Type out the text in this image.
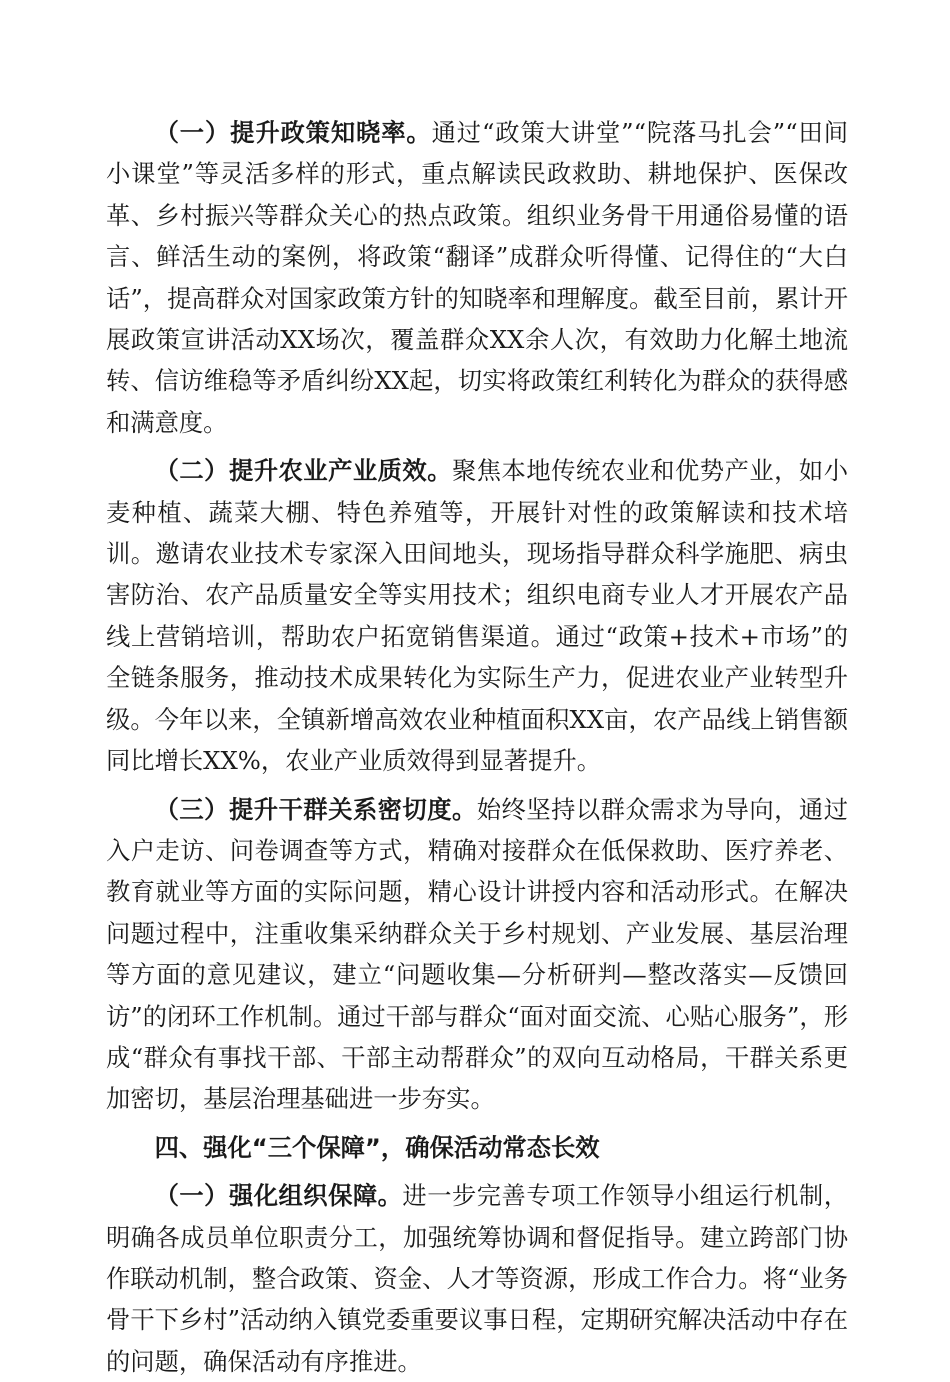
（一）提升政策知晓率。通过“政策大讲堂”“院落马扎会”“田间小课堂”等灵活多样的形式，重点解读民政救助、耕地保护、医保改革、乡村振兴等群众关心的热点政策。组织业务骨干用通俗易懂的语言、鲜活生动的案例，将政策“翻译”成群众听得懂、记得住的“大白话”，提高群众对国家政策方针的知晓率和理解度。截至目前，累计开展政策宣讲活动XX场次，覆盖群众XX余人次，有效助力化解土地流转、信访维稳等矛盾纠纷XX起，切实将政策红利转化为群众的获得感和满意度。

（二）提升农业产业质效。聚焦本地传统农业和优势产业，如小麦种植、蔬菜大棚、特色养殖等，开展针对性的政策解读和技术培训。邀请农业技术专家深入田间地头，现场指导群众科学施肥、病虫害防治、农产品质量安全等实用技术；组织电商专业人才开展农产品线上营销培训，帮助农户拓宽销售渠道。通过“政策+技术+市场”的全链条服务，推动技术成果转化为实际生产力，促进农业产业转型升级。今年以来，全镇新增高效农业种植面积XX亩，农产品线上销售额同比增长XX%，农业产业质效得到显著提升。

（三）提升干群关系密切度。始终坚持以群众需求为导向，通过入户走访、问卷调查等方式，精确对接群众在低保救助、医疗养老、教育就业等方面的实际问题，精心设计讲授内容和活动形式。在解决问题过程中，注重收集采纳群众关于乡村规划、产业发展、基层治理等方面的意见建议，建立“问题收集—分析研判—整改落实—反馈回访”的闭环工作机制。通过干部与群众“面对面交流、心贴心服务”，形成“群众有事找干部、干部主动帮群众”的双向互动格局，干群关系更加密切，基层治理基础进一步夯实。

四、强化“三个保障”，确保活动常态长效

（一）强化组织保障。进一步完善专项工作领导小组运行机制，明确各成员单位职责分工，加强统筹协调和督促指导。建立跨部门协作联动机制，整合政策、资金、人才等资源，形成工作合力。将“业务骨干下乡村”活动纳入镇党委重要议事日程，定期研究解决活动中存在的问题，确保活动有序推进。
